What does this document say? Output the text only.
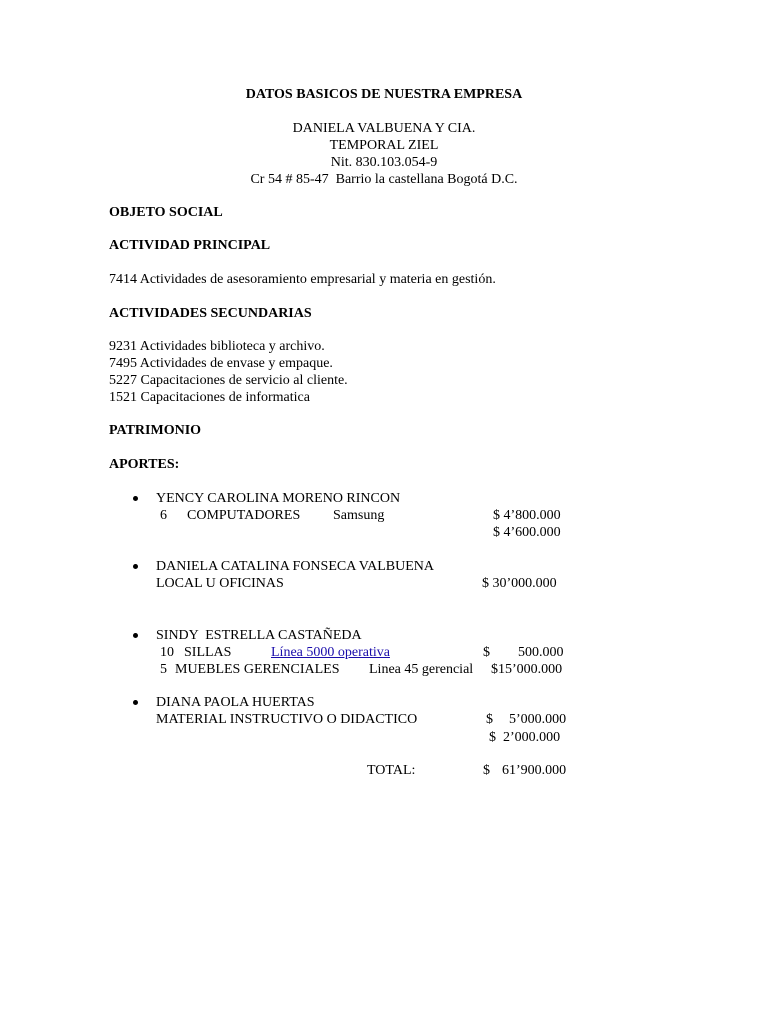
DATOS BASICOS DE NUESTRA EMPRESA
DANIELA VALBUENA Y CIA.
TEMPORAL ZIEL
Nit. 830.103.054-9
Cr 54 # 85-47  Barrio la castellana Bogotá D.C.
OBJETO SOCIAL
ACTIVIDAD PRINCIPAL
7414 Actividades de asesoramiento empresarial y materia en gestión.
ACTIVIDADES SECUNDARIAS
9231 Actividades biblioteca y archivo.
7495 Actividades de envase y empaque.
5227 Capacitaciones de servicio al cliente.
1521 Capacitaciones de informatica
PATRIMONIO
APORTES:
YENCY CAROLINA MORENO RINCON
6 COMPUTADORES Samsung	$ 4’800.000
$ 4’600.000
DANIELA CATALINA FONSECA VALBUENA
LOCAL U OFICINAS	$ 30’000.000
SINDY  ESTRELLA CASTAÑEDA
10 SILLAS	Línea 5000 operativa	$ 500.000
5 MUEBLES GERENCIALES Linea 45 gerencial $15’000.000
DIANA PAOLA HUERTAS
MATERIAL INSTRUCTIVO O DIDACTICO	$ 5’000.000
$  2’000.000
TOTAL:	$ 61’900.000
